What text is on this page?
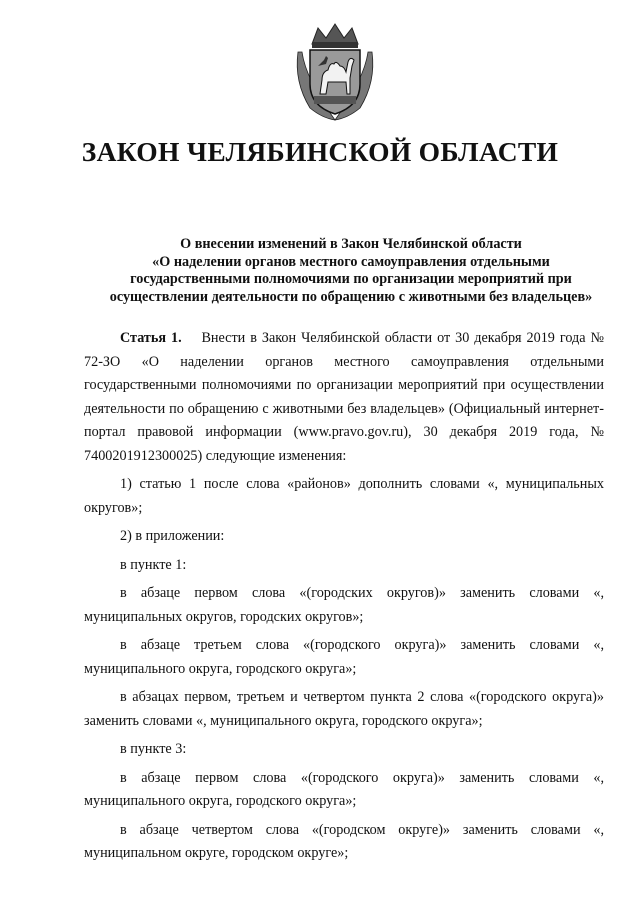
ЗАКОН ЧЕЛЯБИНСКОЙ ОБЛАСТИ
О внесении изменений в Закон Челябинской области
«О наделении органов местного самоуправления отдельными
государственными полномочиями по организации мероприятий при
осуществлении деятельности по обращению с животными без владельцев»

Статья 1. Внести в Закон Челябинской области от 30 декабря 2019 года № 72-ЗО «О наделении органов местного самоуправления отдельными государственными полномочиями по организации мероприятий при осуществлении деятельности по обращению с животными без владельцев» (Официальный интернет-портал правовой информации (www.pravo.gov.ru), 30 декабря 2019 года, № 7400201912300025) следующие изменения:

1) статью 1 после слова «районов» дополнить словами «, муниципальных округов»;

2) в приложении:

в пункте 1:

в абзаце первом слова «(городских округов)» заменить словами «, муниципальных округов, городских округов»;

в абзаце третьем слова «(городского округа)» заменить словами «, муниципального округа, городского округа»;

в абзацах первом, третьем и четвертом пункта 2 слова «(городского округа)» заменить словами «, муниципального округа, городского округа»;

в пункте 3:

в абзаце первом слова «(городского округа)» заменить словами «, муниципального округа, городского округа»;

в абзаце четвертом слова «(городском округе)» заменить словами «, муниципальном округе, городском округе»;
